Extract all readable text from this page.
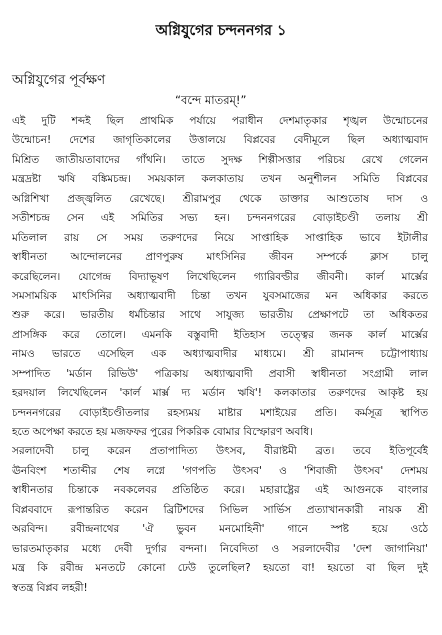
অগ্নিযুগের চন্দননগর ১
অগ্নিযুগের পূর্বক্ষণ
“বন্দে মাতরম্!”
এই দুটি শব্দই ছিল প্রাথমিক পর্যায়ে পরাধীন দেশমাতৃকার শৃঙ্খল উন্মোচনের
উন্মোচন! দেশের জাগৃতিকালের উত্তালয়ে বিপ্লবের বেদীমূলে ছিল অধ্যাত্মবাদ
মিশ্রিত জাতীয়তাবাদের গাঁথনি। তাতে সুদক্ষ শিল্পীসত্তার পরিচয় রেখে গেলেন
মন্ত্রদ্রষ্টা ঋষি বঙ্কিমচন্দ্র। সময়কাল কলকাতায় তখন অনুশীলন সমিতি বিপ্লবের
অগ্নিশিখা প্রজ্জ্বলিত রেখেছে। শ্রীরামপুর থেকে ডাক্তার আশুতোষ দাস ও
সতীশচন্দ্র সেন এই সমিতির সভ্য হন। চন্দননগরের বোড়াইচণ্ডী তলায় শ্রী
মতিলাল রায় সে সময় তরুণদের নিয়ে সাপ্তাহিক সাপ্তাহিক ভাবে ইটালীর
স্বাধীনতা আন্দোলনের প্রাণপুরুষ মাৎসিনির জীবন সম্পর্কে ক্লাস চালু
করেছিলেন। যোগেন্দ্র বিদ্যাভূষণ লিখেছিলেন গ্যারিবল্ডীর জীবনী। কার্ল মার্ক্সের
সমসাময়িক মাৎসিনির অধ্যাত্মবাদী চিন্তা তখন যুবসমাজের মন অধিকার করতে
শুরু করে। ভারতীয় ধর্মচিন্তার সাথে সাযুজ্য ভারতীয় প্রেক্ষাপটে তা অধিকতর
প্রাসঙ্গিক করে তোলে। এমনকি বস্তুবাদী ইতিহাস তত্ত্বের জনক কার্ল মার্ক্সের
নামও ভারতে এসেছিল এক অধ্যাত্মবাদীর মাধ্যমে। শ্রী রামানন্দ চট্টোপাধ্যায়
সম্পাদিত 'মর্ডান রিভিউ' পত্রিকায় অধ্যাত্মবাদী প্রবাসী স্বাধীনতা সংগ্রামী লাল
হরদয়াল লিখেছিলেন 'কার্ল মার্ক্স দ্য মর্ডান ঋষি'! কলকাতার তরুণদের আকৃষ্ট হয়
চন্দননগরের বোড়াইচণ্ডীতলার রহস্যময় মাষ্টার মশাইয়ের প্রতি। কর্মসূত্র স্থাপিত
হতে অপেক্ষা করতে হয় মজফফর পুরের পিকরিক বোমার বিস্ফোরণ অবধি।
সরলাদেবী চালু করেন প্রতাপাদিত্য উৎসব, বীরাষ্টমী ব্রত। তবে ইতিপূর্বেই
ঊনবিংশ শতাব্দীর শেষ লগ্নে 'গণপতি উৎসব' ও 'শিবাজী উৎসব' দেশময়
স্বাধীনতার চিন্তাকে নবকলেবর প্রতিষ্ঠিত করে। মহারাষ্ট্রের এই আগুনকে বাংলার
বিপ্লববাদে রূপান্তরিত করেন ব্রিটিশদের সিভিল সার্ভিস প্রত্যাখানকারী নায়ক শ্রী
অরবিন্দ। রবীন্দ্রনাথের 'ঐ ভুবন মনমোহিনী' গানে স্পষ্ট হয়ে ওঠে
ভারতমাতৃকার মধ্যে দেবী দুর্গার বন্দনা। নিবেদিতা ও সরলাদেবীর 'দেশ জাগানিয়া'
মন্ত্র কি রবীন্দ্র মনতটে কোনো ঢেউ তুলেছিল? হয়তো বা! হয়তো বা ছিল দুই
স্বতন্ত্র বিপ্লব লহরী!
